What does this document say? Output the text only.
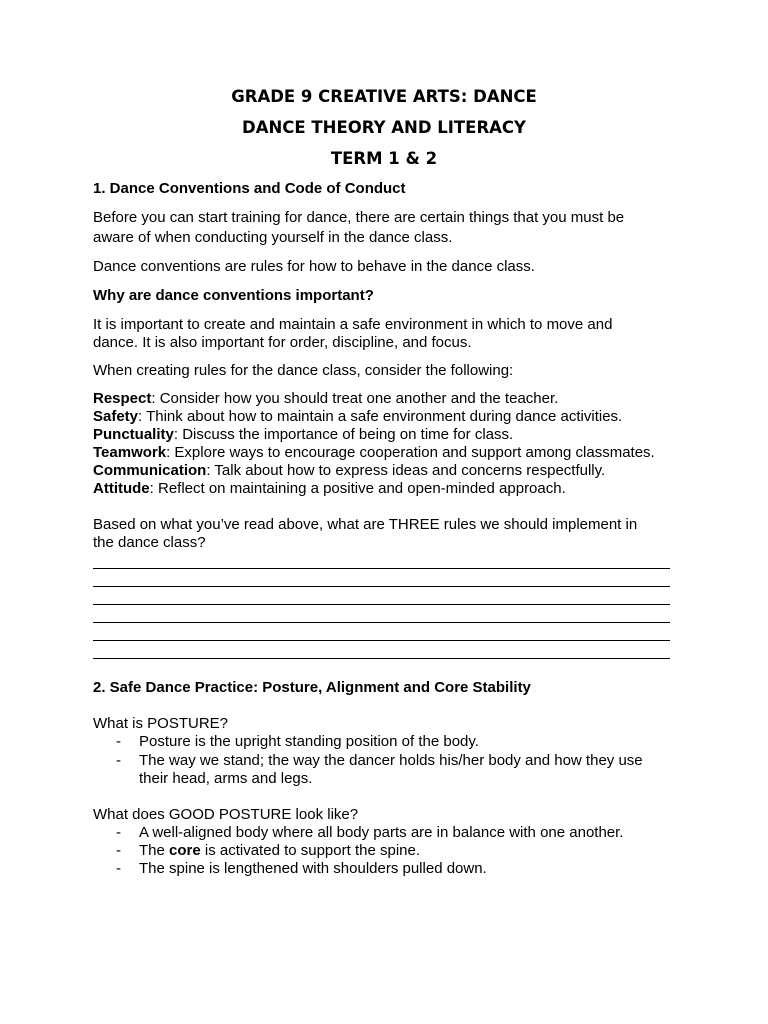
GRADE 9 CREATIVE ARTS: DANCE
DANCE THEORY AND LITERACY
TERM 1 & 2
1. Dance Conventions and Code of Conduct
Before you can start training for dance, there are certain things that you must be
aware of when conducting yourself in the dance class.
Dance conventions are rules for how to behave in the dance class.
Why are dance conventions important?
It is important to create and maintain a safe environment in which to move and
dance. It is also important for order, discipline, and focus.
When creating rules for the dance class, consider the following:
Respect: Consider how you should treat one another and the teacher.
Safety: Think about how to maintain a safe environment during dance activities.
Punctuality: Discuss the importance of being on time for class.
Teamwork: Explore ways to encourage cooperation and support among classmates.
Communication: Talk about how to express ideas and concerns respectfully.
Attitude: Reflect on maintaining a positive and open-minded approach.
Based on what you’ve read above, what are THREE rules we should implement in
the dance class?
2. Safe Dance Practice: Posture, Alignment and Core Stability
What is POSTURE?
- Posture is the upright standing position of the body.
- The way we stand; the way the dancer holds his/her body and how they use
their head, arms and legs.
What does GOOD POSTURE look like?
- A well-aligned body where all body parts are in balance with one another.
- The core is activated to support the spine.
- The spine is lengthened with shoulders pulled down.
